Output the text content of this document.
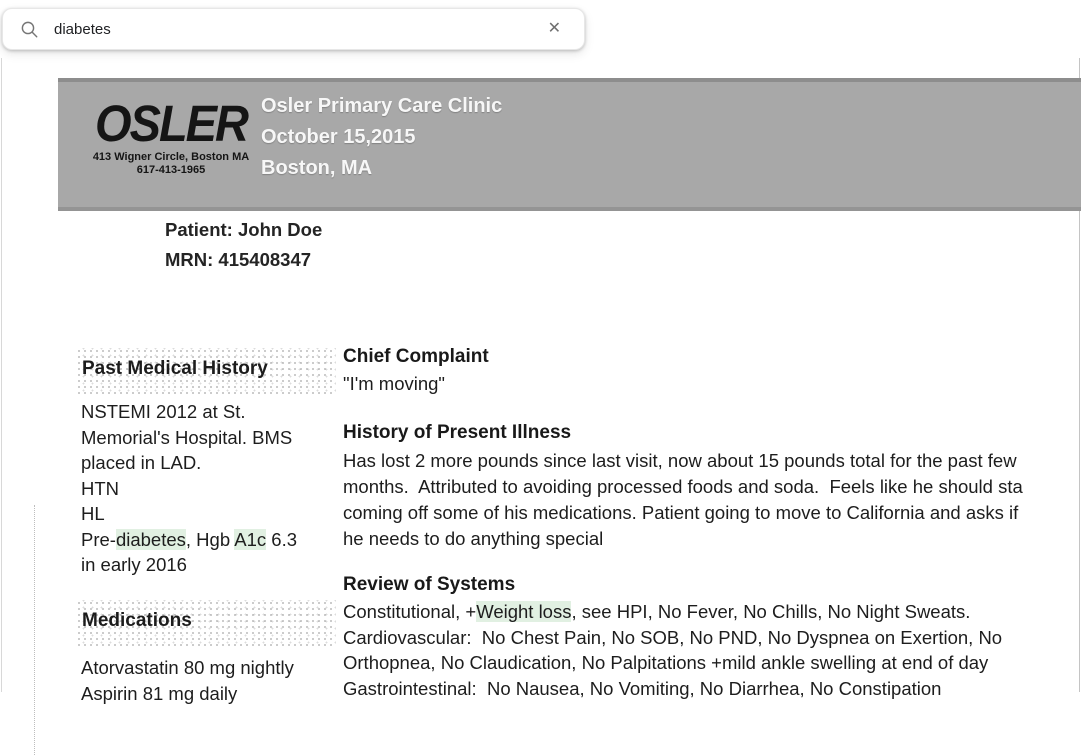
OSLER
413 Wigner Circle, Boston MA
617-413-1965
Osler Primary Care Clinic
October 15,2015
Boston, MA
Patient: John Doe
MRN: 415408347
Past Medical History
NSTEMI 2012 at St.
Memorial's Hospital. BMS
placed in LAD.
HTN
HL
Pre-diabetes, Hgb A1c 6.3
in early 2016
Medications
Atorvastatin 80 mg nightly
Aspirin 81 mg daily
Chief Complaint
"I'm moving"
History of Present Illness
Has lost 2 more pounds since last visit, now about 15 pounds total for the past few
months.  Attributed to avoiding processed foods and soda.  Feels like he should sta
coming off some of his medications. Patient going to move to California and asks if
he needs to do anything special
Review of Systems
Constitutional, +Weight loss, see HPI, No Fever, No Chills, No Night Sweats.
Cardiovascular:  No Chest Pain, No SOB, No PND, No Dyspnea on Exertion, No
Orthopnea, No Claudication, No Palpitations +mild ankle swelling at end of day
Gastrointestinal:  No Nausea, No Vomiting, No Diarrhea, No Constipation
diabetes	✕
